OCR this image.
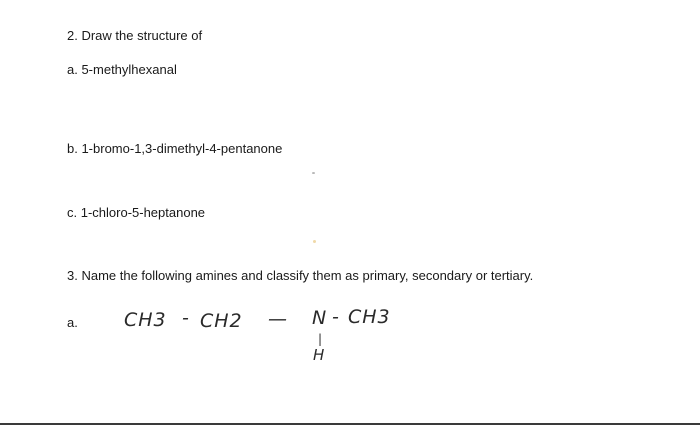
2. Draw the structure of
a. 5-methylhexanal
b. 1-bromo-1,3-dimethyl-4-pentanone
c. 1-chloro-5-heptanone
3. Name the following amines and classify them as primary, secondary or tertiary.
a. CH3 - CH2 — N - CH3
|
H
